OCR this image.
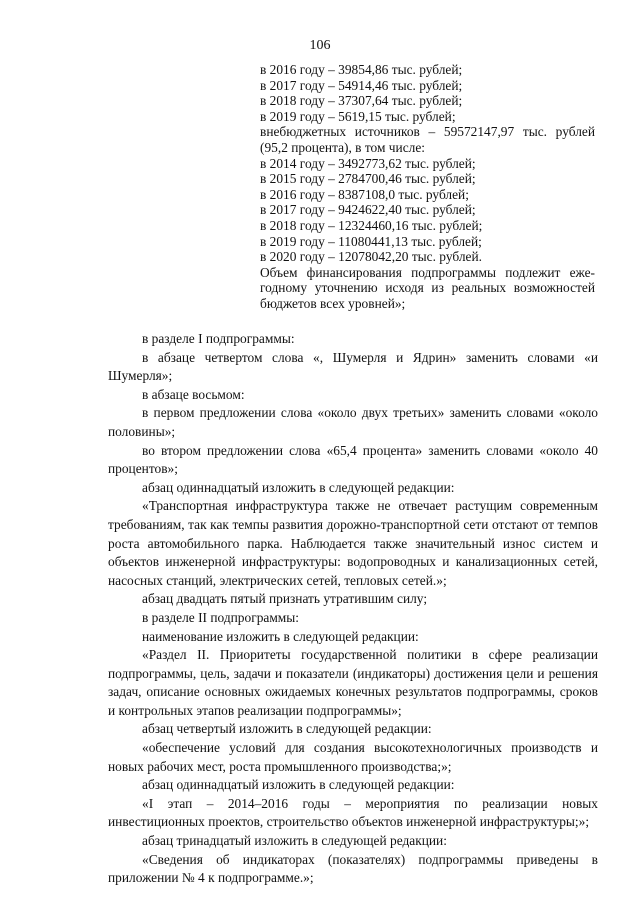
106
в 2016 году – 39854,86 тыс. рублей;
в 2017 году – 54914,46 тыс. рублей;
в 2018 году – 37307,64 тыс. рублей;
в 2019 году – 5619,15 тыс. рублей;
внебюджетных источников – 59572147,97 тыс. рублей
(95,2 процента), в том числе:
в 2014 году – 3492773,62 тыс. рублей;
в 2015 году – 2784700,46 тыс. рублей;
в 2016 году – 8387108,0 тыс. рублей;
в 2017 году – 9424622,40 тыс. рублей;
в 2018 году – 12324460,16 тыс. рублей;
в 2019 году – 11080441,13 тыс. рублей;
в 2020 году – 12078042,20 тыс. рублей.
Объем финансирования подпрограммы подлежит еже-
годному уточнению исходя из реальных возможностей
бюджетов всех уровней»;

в разделе I подпрограммы:

в абзаце четвертом слова «, Шумерля и Ядрин» заменить словами «и Шумерля»;

в абзаце восьмом:

в первом предложении слова «около двух третьих» заменить словами «около половины»;

во втором предложении слова «65,4 процента» заменить словами «около 40 процентов»;

абзац одиннадцатый изложить в следующей редакции:

«Транспортная инфраструктура также не отвечает растущим современным требованиям, так как темпы развития дорожно-транспортной сети отстают от темпов роста автомобильного парка. Наблюдается также значительный износ систем и объектов инженерной инфраструктуры: водопроводных и канализационных сетей, насосных станций, электрических сетей, тепловых сетей.»;

абзац двадцать пятый признать утратившим силу;

в разделе II подпрограммы:

наименование изложить в следующей редакции:

«Раздел II. Приоритеты государственной политики в сфере реализации подпрограммы, цель, задачи и показатели (индикаторы) достижения цели и решения задач, описание основных ожидаемых конечных результатов подпрограммы, сроков и контрольных этапов реализации подпрограммы»;

абзац четвертый изложить в следующей редакции:

«обеспечение условий для создания высокотехнологичных производств и новых рабочих мест, роста промышленного производства;»;

абзац одиннадцатый изложить в следующей редакции:

«I этап – 2014–2016 годы – мероприятия по реализации новых инвестиционных проектов, строительство объектов инженерной инфраструктуры;»;

абзац тринадцатый изложить в следующей редакции:

«Сведения об индикаторах (показателях) подпрограммы приведены в приложении № 4 к подпрограмме.»;
